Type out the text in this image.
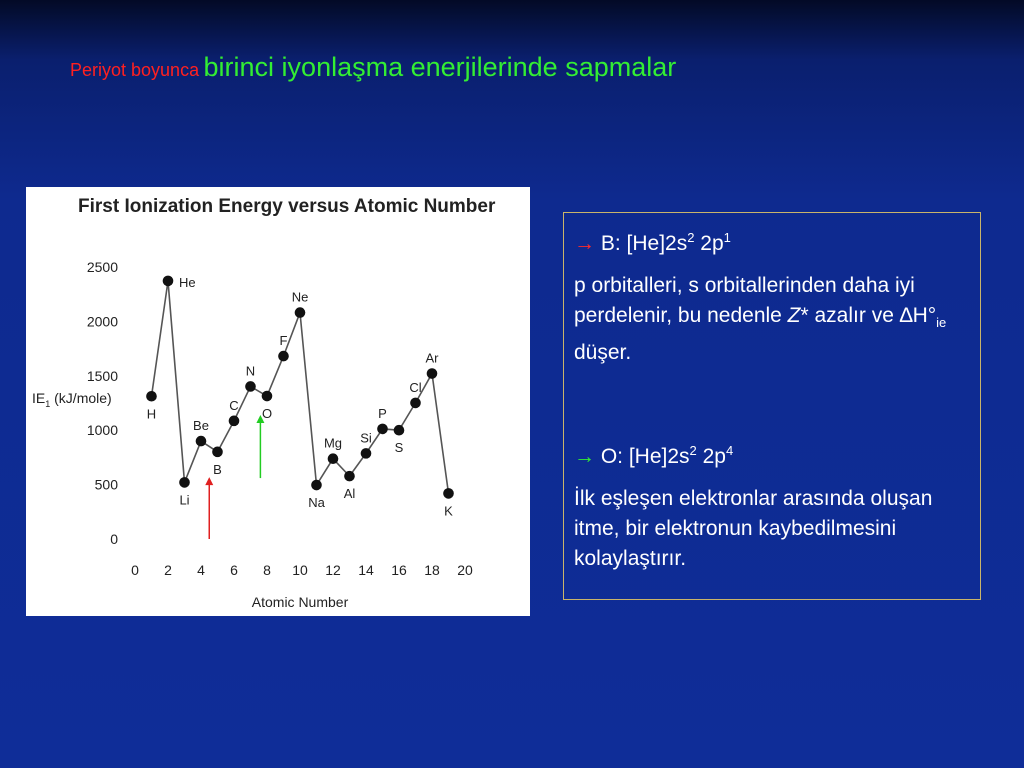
Periyot boyunca birinci iyonlaşma enerjilerinde sapmalar
First Ionization Energy versus Atomic Number
0
500
1000
1500
2000
2500
0 2 4 6 8 10 12 14 16 18 20
$IE_1$ (kJ/mole)
Atomic Number
H
He
Li
Be
B
C
N
O
F
Ne
Na
Mg
Al
Si
P
S
Cl
Ar
K

→ B: $[He]2s^2$ $2p^1$

p orbitalleri, s orbitallerinden daha iyi perdelenir, bu nedenle Z* azalır ve $\Delta H^\circ_{ie}$ düşer.

→ O: $[He]2s^2$ $2p^4$

İlk eşleşen elektronlar arasında oluşan itme, bir elektronun kaybedilmesini kolaylaştırır.
